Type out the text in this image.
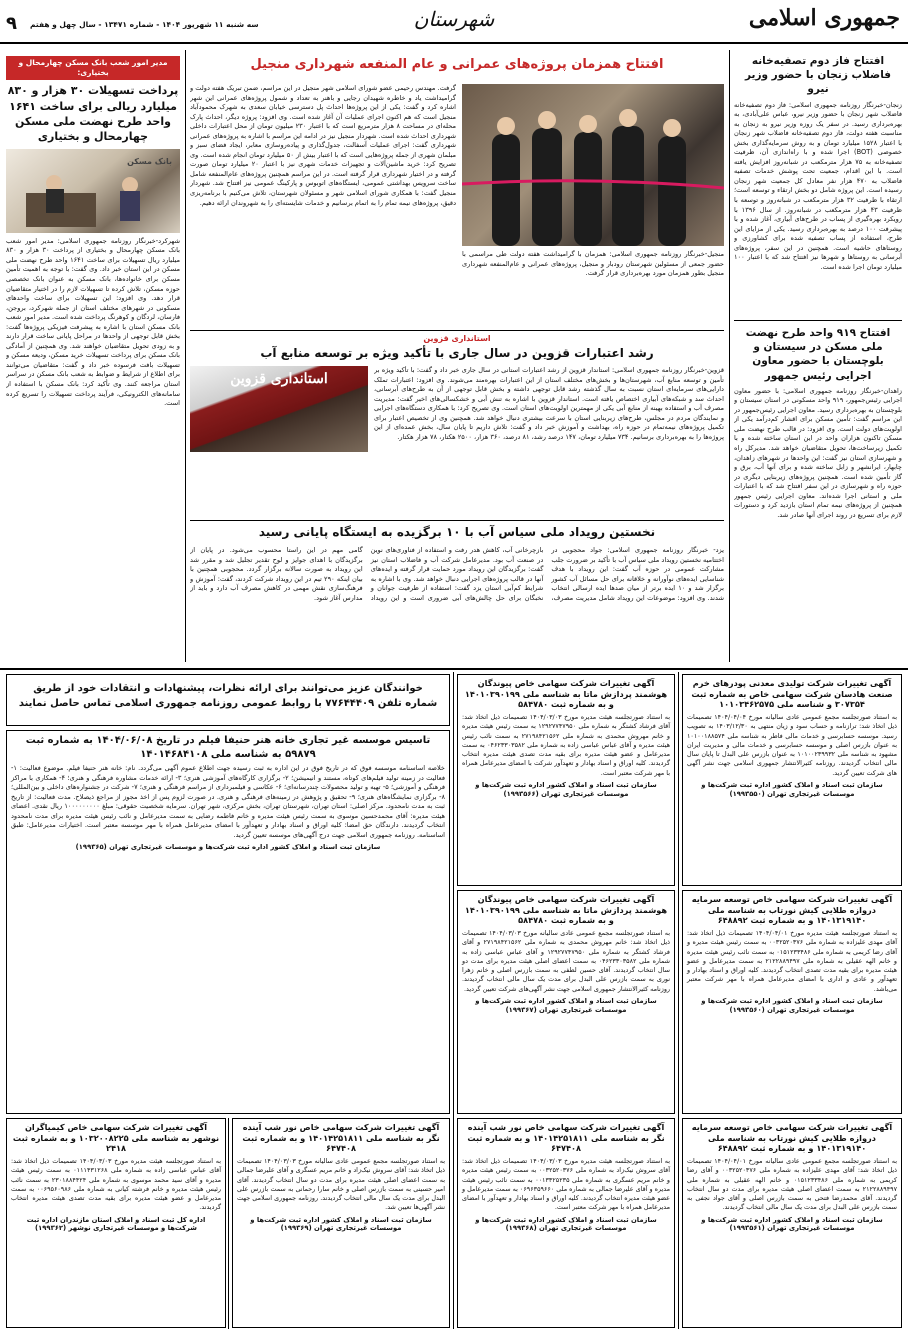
جمهوری اسلامی
شهرستان
سه شنبه ۱۱ شهریور ۱۴۰۴ - شماره ۱۳۴۷۱ - سال چهل و هفتم
۹
افتتاح فاز دوم تصفیه‌خانه فاضلاب زنجان با حضور وزیر نیرو
زنجان-خبرنگار روزنامه جمهوری اسلامی: فاز دوم تصفیه‌خانه فاضلاب شهر زنجان با حضور وزیر نیرو، عباس علی‌آبادی، به بهره‌برداری رسید. در سفر یک روزه وزیر نیرو به زنجان به مناسبت هفته دولت، فاز دوم تصفیه‌خانه فاضلاب شهر زنجان با اعتبار ۱۵۲۸ میلیارد تومان و به روش سرمایه‌گذاری بخش خصوصی (BOT) اجرا شده و با راه‌اندازی آن، ظرفیت تصفیه‌خانه به ۷۵ هزار مترمکعب در شبانه‌روز افزایش یافته است. با این اقدام، جمعیت تحت پوشش خدمات تصفیه فاضلاب به ۴۷۰ هزار نفر معادل کل جمعیت شهر زنجان رسیده است. این پروژه شامل دو بخش ارتقاء و توسعه است؛ ارتقاء با ظرفیت ۳۲ هزار مترمکعب در شبانه‌روز و توسعه با ظرفیت ۴۳ هزار مترمکعب در شبانه‌روز. از سال ۱۳۹۶ با رویکرد بهره‌گیری از پساب در طرح‌های آبیاری، آغاز شده و با پیشرفت ۱۰۰ درصد به بهره‌برداری رسید. یکی از مزایای این طرح، استفاده از پساب تصفیه شده برای کشاورزی و روستاهای حاشیه است. همچنین در این سفر، پروژه‌های آبرسانی به روستاها و شهرها نیز افتتاح شد که با اعتبار ۱۰۰ میلیارد تومان اجرا شده است.
افتتاح ۹۱۹ واحد طرح نهضت ملی مسکن در سیستان و بلوچستان با حضور معاون اجرایی رئیس جمهور
زاهدان-خبرنگار روزنامه جمهوری اسلامی: با حضور معاون اجرایی رئیس‌جمهور، ۹۱۹ واحد مسکونی در استان سیستان و بلوچستان به بهره‌برداری رسید. معاون اجرایی رئیس‌جمهور در این مراسم گفت: تأمین مسکن برای اقشار کم‌درآمد یکی از اولویت‌های دولت است. وی افزود: در قالب طرح نهضت ملی مسکن تاکنون هزاران واحد در این استان ساخته شده و با تکمیل زیرساخت‌ها، تحویل متقاضیان خواهد شد. مدیرکل راه و شهرسازی استان نیز گفت: این واحدها در شهرهای زاهدان، چابهار، ایرانشهر و زابل ساخته شده و برای آنها آب، برق و گاز تأمین شده است. همچنین پروژه‌های زیربنایی دیگری در حوزه راه و شهرسازی در این سفر افتتاح شد که با اعتبارات ملی و استانی اجرا شده‌اند. معاون اجرایی رئیس جمهور همچنین از پروژه‌های نیمه تمام استان بازدید کرد و دستورات لازم برای تسریع در روند اجرای آنها صادر شد.
افتتاح همزمان پروژه‌های عمرانی و عام المنفعه شهرداری منجیل
منجیل-خبرنگار روزنامه جمهوری اسلامی: همزمان با گرامیداشت هفته دولت طی مراسمی با حضور جمعی از مسئولین شهرستان رودبار و منجیل، پروژه‌های عمرانی و عام‌المنفعه شهرداری منجیل بطور همزمان مورد بهره‌برداری قرار گرفت.
گرفت. مهندس رحیمی عضو شورای اسلامی شهر منجیل در این مراسم، ضمن تبریک هفته دولت و گرامیداشت یاد و خاطره شهیدان رجایی و باهنر به تعداد و شمول پروژه‌های عمرانی این شهر اشاره کرد و گفت: یکی از این پروژه‌ها احداث پل دسترسی خیابان سعدی به شهرک محمودآباد منجیل است که هم اکنون اجرای عملیات آن آغاز شده است. وی افزود: پروژه دیگر، احداث پارک محله‌ای در مساحت ۸ هزار مترمربع است که با اعتبار ۲۳۰ میلیون تومان از محل اعتبارات داخلی شهرداری احداث شده است. شهردار منجیل نیز در ادامه این مراسم با اشاره به پروژه‌های عمرانی شهرداری گفت: اجرای عملیات آسفالت، جدول‌گذاری و پیاده‌روسازی معابر، ایجاد فضای سبز و مبلمان شهری از جمله پروژه‌هایی است که با اعتبار بیش از ۵۰ میلیارد تومان انجام شده است. وی تصریح کرد: خرید ماشین‌آلات و تجهیزات خدمات شهری نیز با اعتبار ۲۰ میلیارد تومان صورت گرفته و در اختیار شهرداری قرار گرفته است. در این مراسم همچنین پروژه‌های عام‌المنفعه شامل ساخت سرویس بهداشتی عمومی، ایستگاه‌های اتوبوس و پارکینگ عمومی نیز افتتاح شد. شهردار منجیل گفت: با همکاری شورای اسلامی شهر و مسئولان شهرستان، تلاش می‌کنیم با برنامه‌ریزی دقیق، پروژه‌های نیمه تمام را به اتمام برسانیم و خدمات شایسته‌ای را به شهروندان ارائه دهیم.
استانداری قزوین
رشد اعتبارات قزوین در سال جاری با تأکید ویژه بر توسعه منابع آب
قزوین-خبرنگار روزنامه جمهوری اسلامی: استاندار قزوین از رشد اعتبارات استانی در سال جاری خبر داد و گفت: با تأکید ویژه بر تأمین و توسعه منابع آب، شهرستان‌ها و بخش‌های مختلف استان از این اعتبارات بهره‌مند می‌شوند. وی افزود: اعتبارات تملک دارایی‌های سرمایه‌ای استان نسبت به سال گذشته رشد قابل توجهی داشته و بخش قابل توجهی از آن به طرح‌های آبرسانی، احداث سد و شبکه‌های آبیاری اختصاص یافته است. استاندار قزوین با اشاره به تنش آبی و خشکسالی‌های اخیر گفت: مدیریت مصرف آب و استفاده بهینه از منابع آبی یکی از مهمترین اولویت‌های استان است. وی تصریح کرد: با همکاری دستگاه‌های اجرایی و نمایندگان مردم در مجلس، طرح‌های زیربنایی استان با سرعت بیشتری دنبال خواهد شد. همچنین وی از تخصیص اعتبار برای تکمیل پروژه‌های نیمه‌تمام در حوزه راه، بهداشت و آموزش خبر داد و گفت: تلاش داریم تا پایان سال، بخش عمده‌ای از این پروژه‌ها را به بهره‌برداری برسانیم. ۷۳۴ میلیارد تومان، ۱۴۷ درصد رشد، ۸۱ درصد، ۳۶۰ هزار، ۲۵۰۰ هکتار، ۷۸ هزار هکتار.
استانداری قزوین

نخستین رویداد ملی سیاس آب با ۱۰ برگزیده به ایستگاه پایانی رسید
یزد- خبرنگار روزنامه جمهوری اسلامی: جواد محجوبی در اختتامیه نخستین رویداد ملی سیاس آب با تأکید بر ضرورت جلب مشارکت عمومی در حوزه آب گفت: این رویداد با هدف شناسایی ایده‌های نوآورانه و خلاقانه برای حل مسائل آب کشور برگزار شد و ۱۰ ایده برتر از میان صدها ایده ارسالی انتخاب شدند. وی افزود: موضوعات این رویداد شامل مدیریت مصرف، بازچرخانی آب، کاهش هدر رفت و استفاده از فناوری‌های نوین در صنعت آب بود. مدیرعامل شرکت آب و فاضلاب استان نیز گفت: برگزیدگان این رویداد مورد حمایت قرار گرفته و ایده‌های آنها در قالب پروژه‌های اجرایی دنبال خواهد شد. وی با اشاره به شرایط کم‌آبی استان یزد گفت: استفاده از ظرفیت جوانان و نخبگان برای حل چالش‌های آبی ضروری است و این رویداد گامی مهم در این راستا محسوب می‌شود. در پایان از برگزیدگان با اهدای جوایز و لوح تقدیر تجلیل شد و مقرر شد این رویداد به صورت سالانه برگزار گردد. محجوبی همچنین با بیان اینکه ۲۹۰ تیم در این رویداد شرکت کردند، گفت: آموزش و فرهنگ‌سازی نقش مهمی در کاهش مصرف آب دارد و باید از مدارس آغاز شود.
مدیر امور شعب بانک مسکن چهارمحال و بختیاری:
پرداخت تسهیلات ۳۰ هزار و ۸۳۰ میلیارد ریالی برای ساخت ۱۶۴۱ واحد طرح نهضت ملی مسکن چهارمحال و بختیاری
بانک مسکن
شهرکرد-خبرنگار روزنامه جمهوری اسلامی: مدیر امور شعب بانک مسکن چهارمحال و بختیاری از پرداخت ۳۰ هزار و ۸۳۰ میلیارد ریال تسهیلات برای ساخت ۱۶۴۱ واحد طرح نهضت ملی مسکن در این استان خبر داد. وی گفت: با توجه به اهمیت تأمین مسکن برای خانواده‌ها، بانک مسکن به عنوان بانک تخصصی حوزه مسکن، تلاش کرده تا تسهیلات لازم را در اختیار متقاضیان قرار دهد. وی افزود: این تسهیلات برای ساخت واحدهای مسکونی در شهرهای مختلف استان از جمله شهرکرد، بروجن، فارسان، لردگان و کوهرنگ پرداخت شده است. مدیر امور شعب بانک مسکن استان با اشاره به پیشرفت فیزیکی پروژه‌ها گفت: بخش قابل توجهی از واحدها در مراحل پایانی ساخت قرار دارند و به زودی تحویل متقاضیان خواهند شد. وی همچنین از آمادگی بانک مسکن برای پرداخت تسهیلات خرید مسکن، ودیعه مسکن و تسهیلات بافت فرسوده خبر داد و گفت: متقاضیان می‌توانند برای اطلاع از شرایط و ضوابط به شعب بانک مسکن در سراسر استان مراجعه کنند. وی تأکید کرد: بانک مسکن با استفاده از سامانه‌های الکترونیکی، فرآیند پرداخت تسهیلات را تسریع کرده است.
خوانندگان عزیز می‌توانند برای ارائه نظرات، پیشنهادات و انتقادات خود از طریق
شماره تلفن ۷۷۶۴۴۴۰۹ با روابط عمومی روزنامه جمهوری اسلامی تماس حاصل نمایند
آگهی تغییرات شرکت تولیدی معدنی پودرهای خرم صنعت هادسان شرکت سهامی خاص به شماره ثبت ۳۰۷۳۵۴ و شناسه ملی ۱۰۱۰۳۴۶۲۵۷۵
به استناد صورتجلسه مجمع عمومی عادی سالیانه مورخ ۱۴۰۴/۰۴/۰۴ تصمیمات ذیل اتخاذ شد: ترازنامه و حساب سود و زیان منتهی به ۱۴۰۳/۱۲/۳۰ به تصویب رسید. موسسه حسابرسی و خدمات مالی فاطر به شناسه ملی ۱۰۱۰۰۱۸۸۵۷۴ به عنوان بازرس اصلی و موسسه حسابرسی و خدمات مالی و مدیریت ایران مشهود به شناسه ملی ۱۰۱۰۰۲۳۹۹۳۲ به عنوان بازرس علی البدل تا پایان سال مالی انتخاب گردیدند. روزنامه کثیرالانتشار جمهوری اسلامی جهت نشر آگهی های شرکت تعیین گردید.
سازمان ثبت اسناد و املاک کشور اداره ثبت شرکت‌ها و موسسات غیرتجاری تهران (۱۹۹۳۵۵۰)
آگهی تغییرات شرکت سهامی خاص پیوندگان هوشمند پردازش ماتا به شناسه ملی ۱۴۰۱۰۳۹۰۱۹۹ و به شماره ثبت ۵۸۴۷۸۰
به استناد صورتجلسه هیئت مدیره مورخ ۱۴۰۴/۰۳/۰۳ تصمیمات ذیل اتخاذ شد: آقای فرشاد کشتگر به شماره ملی ۱۲۹۲۷۷۴۷۹۵۰ به سمت رئیس هیئت مدیره و خانم مهروش محمدی به شماره ملی ۲۷۱۹۸۴۲۱۵۶۲ به سمت نائب رئیس هیئت مدیره و آقای عباس عباسی زاده به شماره ملی ۰۴۶۲۳۳۰۳۵۸۲ به سمت مدیرعامل و عضو هیئت مدیره برای بقیه مدت تصدی هیئت مدیره انتخاب گردیدند. کلیه اوراق و اسناد بهادار و تعهدآور شرکت با امضای مدیرعامل همراه با مهر شرکت معتبر است.
سازمان ثبت اسناد و املاک کشور اداره ثبت شرکت‌ها و موسسات غیرتجاری تهران (۱۹۹۳۵۶۶)
تاسیس موسسه غیر تجاری خانه هنر حنیفا فیلم در تاریخ ۱۴۰۴/۰۶/۰۸ به شماره ثبت ۵۹۸۷۹ به شناسه ملی ۱۴۰۱۴۶۸۴۱۰۸
خلاصه اساسنامه موسسه فوق که در تاریخ فوق در این اداره به ثبت رسیده جهت اطلاع عموم آگهی می‌گردد. نام: خانه هنر حنیفا فیلم. موضوع فعالیت: ۱- فعالیت در زمینه تولید فیلم‌های کوتاه، مستند و انیمیشن؛ ۲- برگزاری کارگاه‌های آموزشی هنری؛ ۳- ارائه خدمات مشاوره فرهنگی و هنری؛ ۴- همکاری با مراکز فرهنگی و آموزشی؛ ۵- تهیه و تولید محصولات چندرسانه‌ای؛ ۶- عکاسی و فیلمبرداری از مراسم فرهنگی و هنری؛ ۷- شرکت در جشنواره‌های داخلی و بین‌المللی؛ ۸- برگزاری نمایشگاه‌های هنری؛ ۹- تحقیق و پژوهش در زمینه‌های فرهنگی و هنری. در صورت لزوم پس از اخذ مجوز از مراجع ذیصلاح. مدت فعالیت: از تاریخ ثبت به مدت نامحدود. مرکز اصلی: استان تهران، شهرستان تهران، بخش مرکزی، شهر تهران. سرمایه شخصیت حقوقی: مبلغ ۱۰۰۰۰۰۰۰۰۰ ریال نقدی. اعضای هیئت مدیره: آقای محمدحسین موسوی به سمت رئیس هیئت مدیره و خانم فاطمه رضایی به سمت مدیرعامل و نائب رئیس هیئت مدیره برای مدت نامحدود انتخاب گردیدند. دارندگان حق امضا: کلیه اوراق و اسناد بهادار و تعهدآور با امضای مدیرعامل همراه با مهر موسسه معتبر است. اختیارات مدیرعامل: طبق اساسنامه. روزنامه جمهوری اسلامی جهت درج آگهی‌های موسسه تعیین گردید.
سازمان ثبت اسناد و املاک کشور اداره ثبت شرکت‌ها و موسسات غیرتجاری تهران (۱۹۹۳۶۵)
آگهی تغییرات شرکت سهامی خاص توسعه سرمایه دروازه طلایی کیش نورتاب به شناسه ملی ۱۴۰۱۳۱۹۱۴۰ و به شماره ثبت ۶۴۸۸۹۲
به استناد صورتجلسه هیئت مدیره مورخ ۱۴۰۴/۰۴/۰۱ تصمیمات ذیل اتخاذ شد: آقای مهدی علیزاده به شماره ملی ۰۰۳۲۵۲۰۳۷۶ به سمت رئیس هیئت مدیره و آقای رضا کریمی به شماره ملی ۰۱۵۱۲۳۳۴۸۶ به سمت نائب رئیس هیئت مدیره و خانم الهه عقیلی به شماره ملی ۲۱۲۲۸۸۹۴۹۷ به سمت مدیرعامل و عضو هیئت مدیره برای بقیه مدت تصدی انتخاب گردیدند. کلیه اوراق و اسناد بهادار و تعهدآور و عادی و اداری با امضای مدیرعامل همراه با مهر شرکت معتبر می‌باشد.
سازمان ثبت اسناد و املاک کشور اداره ثبت شرکت‌ها و موسسات غیرتجاری تهران (۱۹۹۳۵۶۰)
آگهی تغییرات شرکت سهامی خاص پیوندگان هوشمند پردازش ماتا به شناسه ملی ۱۴۰۱۰۳۹۰۱۹۹ و به شماره ثبت ۵۸۴۷۸۰
به استناد صورتجلسه مجمع عمومی عادی سالیانه مورخ ۱۴۰۴/۰۳/۰۳ تصمیمات ذیل اتخاذ شد: خانم مهروش محمدی به شماره ملی ۲۷۱۹۸۴۲۱۵۶۲ و آقای فرشاد کشتگر به شماره ملی ۱۲۹۲۷۷۴۷۹۵۰ و آقای عباس عباسی زاده به شماره ملی ۰۴۶۲۳۳۰۳۵۸۲ به سمت اعضای اصلی هیئت مدیره برای مدت دو سال انتخاب گردیدند. آقای حسین لطفی به سمت بازرس اصلی و خانم زهرا نوری به سمت بازرس علی البدل برای مدت یک سال مالی انتخاب گردیدند. روزنامه کثیرالانتشار جمهوری اسلامی جهت نشر آگهی‌های شرکت تعیین گردید.
سازمان ثبت اسناد و املاک کشور اداره ثبت شرکت‌ها و موسسات غیرتجاری تهران (۱۹۹۳۶۷)
آگهی تغییرات شرکت سهامی خاص توسعه سرمایه دروازه طلایی کیش نورتاب به شناسه ملی ۱۴۰۱۳۱۹۱۴۰ و به شماره ثبت ۶۴۸۸۹۲
به استناد صورتجلسه مجمع عمومی عادی سالیانه مورخ ۱۴۰۴/۰۴/۰۱ تصمیمات ذیل اتخاذ شد: آقای مهدی علیزاده به شماره ملی ۰۰۳۲۵۲۰۳۷۶ و آقای رضا کریمی به شماره ملی ۰۱۵۱۲۳۳۴۸۶ و خانم الهه عقیلی به شماره ملی ۲۱۲۲۸۸۹۴۹۷ به سمت اعضای اصلی هیئت مدیره برای مدت دو سال انتخاب گردیدند. آقای محمدرضا فتحی به سمت بازرس اصلی و آقای جواد نجفی به سمت بازرس علی البدل برای مدت یک سال مالی انتخاب گردیدند.
سازمان ثبت اسناد و املاک کشور اداره ثبت شرکت‌ها و موسسات غیرتجاری تهران (۱۹۹۳۵۶۱)
آگهی تغییرات شرکت سهامی خاص نور شب آینده نگر به شناسه ملی ۱۴۰۱۴۲۵۱۸۱۱ و به شماره ثبت ۶۴۷۴۰۸
به استناد صورتجلسه هیئت مدیره مورخ ۱۴۰۴/۰۳/۰۳ تصمیمات ذیل اتخاذ شد: آقای سروش نیک‌زاد به شماره ملی ۰۰۳۲۵۲۰۳۷۶ به سمت رئیس هیئت مدیره و خانم مریم عسگری به شماره ملی ۰۰۱۳۳۲۵۲۳۵ به سمت نائب رئیس هیئت مدیره و آقای علیرضا جمالی به شماره ملی ۰۶۹۶۳۵۹۶۶۰ به سمت مدیرعامل و عضو هیئت مدیره انتخاب گردیدند. کلیه اوراق و اسناد بهادار و تعهدآور با امضای مدیرعامل همراه با مهر شرکت معتبر است.
سازمان ثبت اسناد و املاک کشور اداره ثبت شرکت‌ها و موسسات غیرتجاری تهران (۱۹۹۳۶۸)
آگهی تغییرات شرکت سهامی خاص نور شب آینده نگر به شناسه ملی ۱۴۰۱۴۲۵۱۸۱۱ و به شماره ثبت ۶۴۷۴۰۸
به استناد صورتجلسه مجمع عمومی عادی سالیانه مورخ ۱۴۰۴/۰۳/۰۳ تصمیمات ذیل اتخاذ شد: آقای سروش نیک‌زاد و خانم مریم عسگری و آقای علیرضا جمالی به سمت اعضای اصلی هیئت مدیره برای مدت دو سال انتخاب گردیدند. آقای امیر حسینی به سمت بازرس اصلی و خانم سارا رحمانی به سمت بازرس علی البدل برای مدت یک سال مالی انتخاب گردیدند. روزنامه جمهوری اسلامی جهت نشر آگهی‌ها تعیین شد.
سازمان ثبت اسناد و املاک کشور اداره ثبت شرکت‌ها و موسسات غیرتجاری تهران (۱۹۹۳۶۹)
آگهی تغییرات شرکت سهامی خاص کیمیاگران نوشهر به شناسه ملی ۱۰۳۲۰۰۸۲۲۵ و به شماره ثبت ۲۴۱۸
به استناد صورتجلسه هیئت مدیره مورخ ۱۴۰۴/۰۳/۰۳ تصمیمات ذیل اتخاذ شد: آقای عباس عباسی زاده به شماره ملی ۰۱۱۱۴۳۱۲۶۸ به سمت رئیس هیئت مدیره و آقای سید محمد موسوی به شماره ملی ۲۳۰۱۸۸۴۴۲۴ به سمت نائب رئیس هیئت مدیره و خانم فرشته کیانی به شماره ملی ۰۰۶۹۵۶۰۹۸۶ به سمت مدیرعامل و عضو هیئت مدیره برای بقیه مدت تصدی هیئت مدیره انتخاب گردیدند.
اداره کل ثبت اسناد و املاک استان مازندران اداره ثبت شرکت‌ها و موسسات غیرتجاری نوشهر (۱۹۹۳۶۲)
